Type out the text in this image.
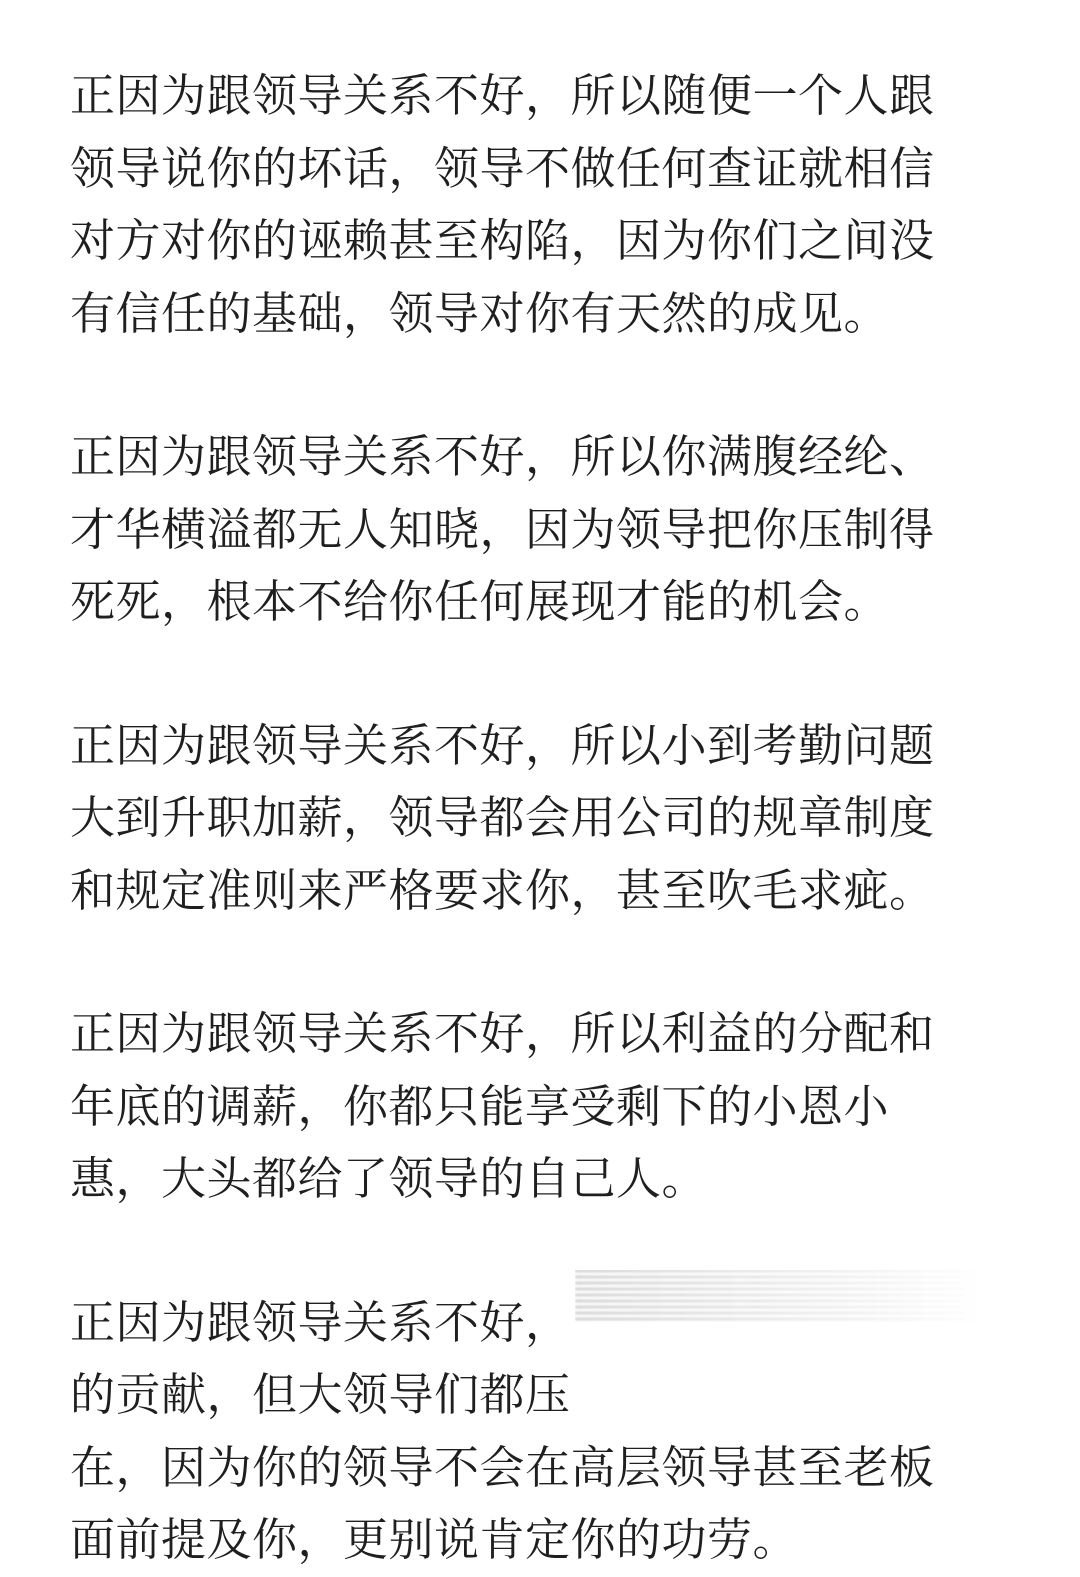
正因为跟领导关系不好，所以随便一个人跟
领导说你的坏话，领导不做任何查证就相信
对方对你的诬赖甚至构陷，因为你们之间没
有信任的基础，领导对你有天然的成见。

正因为跟领导关系不好，所以你满腹经纶、
才华横溢都无人知晓，因为领导把你压制得
死死，根本不给你任何展现才能的机会。

正因为跟领导关系不好，所以小到考勤问题
大到升职加薪，领导都会用公司的规章制度
和规定准则来严格要求你，甚至吹毛求疵。

正因为跟领导关系不好，所以利益的分配和
年底的调薪，你都只能享受剩下的小恩小
惠，大头都给了领导的自己人。

正因为跟领导关系不好，
的贡献，但大领导们都压
在，因为你的领导不会在高层领导甚至老板
面前提及你，更别说肯定你的功劳。
